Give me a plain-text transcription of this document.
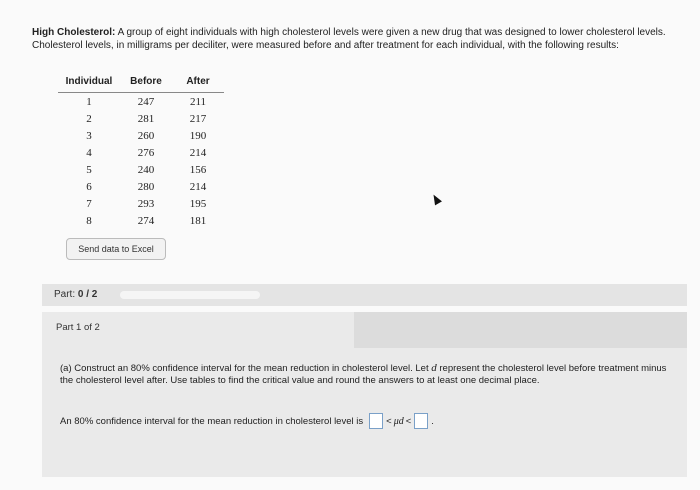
High Cholesterol: A group of eight individuals with high cholesterol levels were given a new drug that was designed to lower cholesterol levels. Cholesterol levels, in milligrams per deciliter, were measured before and after treatment for each individual, with the following results:
Individual	Before	After
1	247	211
2	281	217
3	260	190
4	276	214
5	240	156
6	280	214
7	293	195
8	274	181
Send data to Excel
Part: 0 / 2
Part 1 of 2
(a) Construct an 80% confidence interval for the mean reduction in cholesterol level. Let d represent the cholesterol level before treatment minus the cholesterol level after. Use tables to find the critical value and round the answers to at least one decimal place.
An 80% confidence interval for the mean reduction in cholesterol level is < μd < .
